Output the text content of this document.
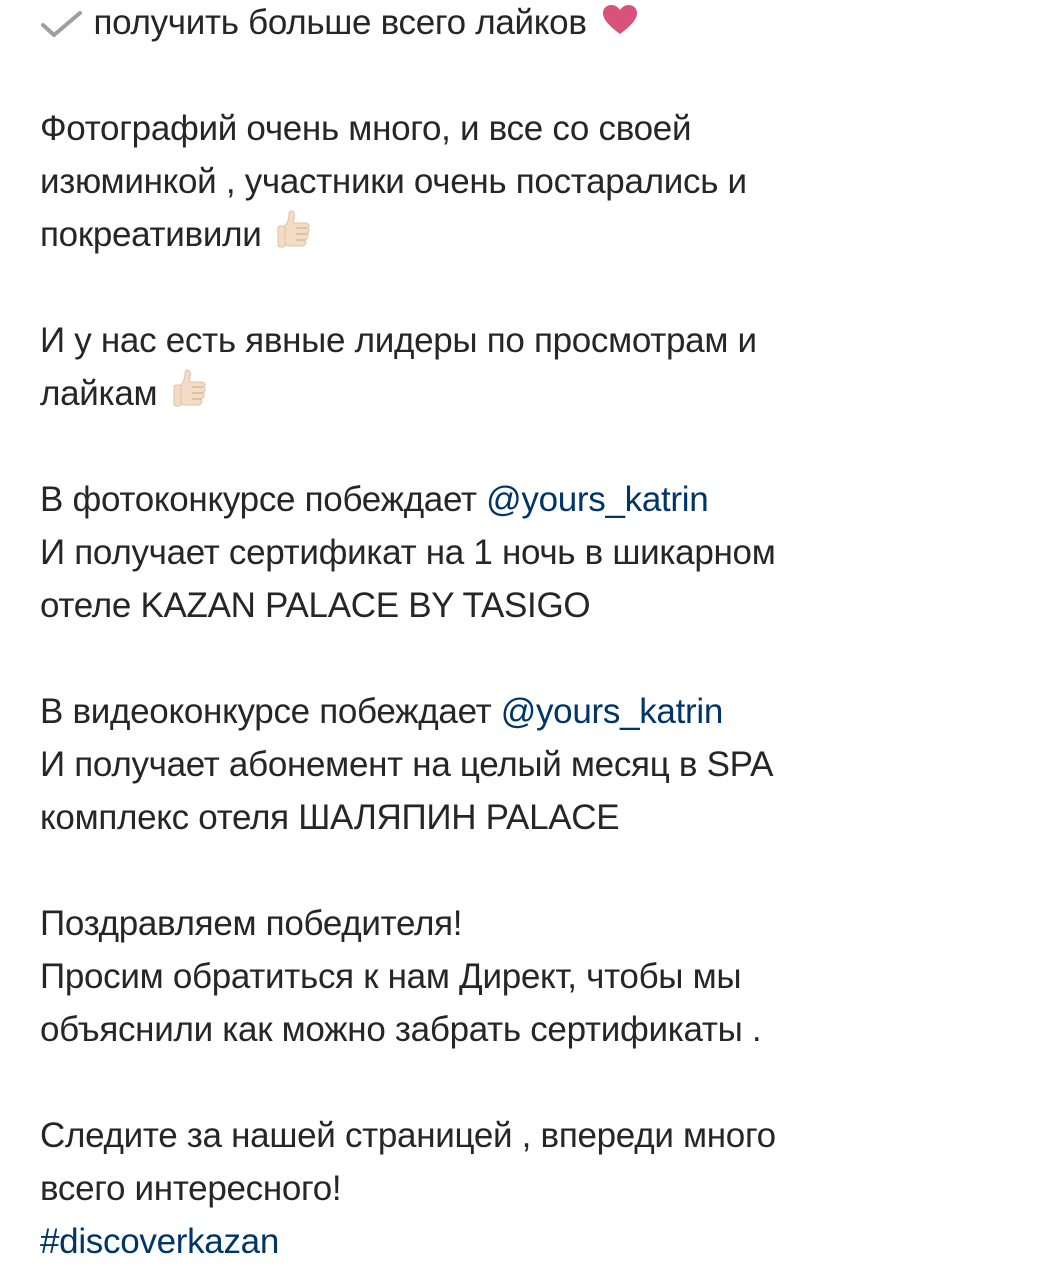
получить больше всего лайков
Фотографий очень много, и все со своей
изюминкой , участники очень постарались и
покреативили
И у нас есть явные лидеры по просмотрам и
лайкам
В фотоконкурсе побеждает @yours_katrin
И получает сертификат на 1 ночь в шикарном
отеле KAZAN PALACE BY TASIGO
В видеоконкурсе побеждает @yours_katrin
И получает абонемент на целый месяц в SPA
комплекс отеля ШАЛЯПИН PALACE
Поздравляем победителя!
Просим обратиться к нам Директ, чтобы мы
объяснили как можно забрать сертификаты .
Следите за нашей страницей , впереди много
всего интересного!
#discoverkazan
